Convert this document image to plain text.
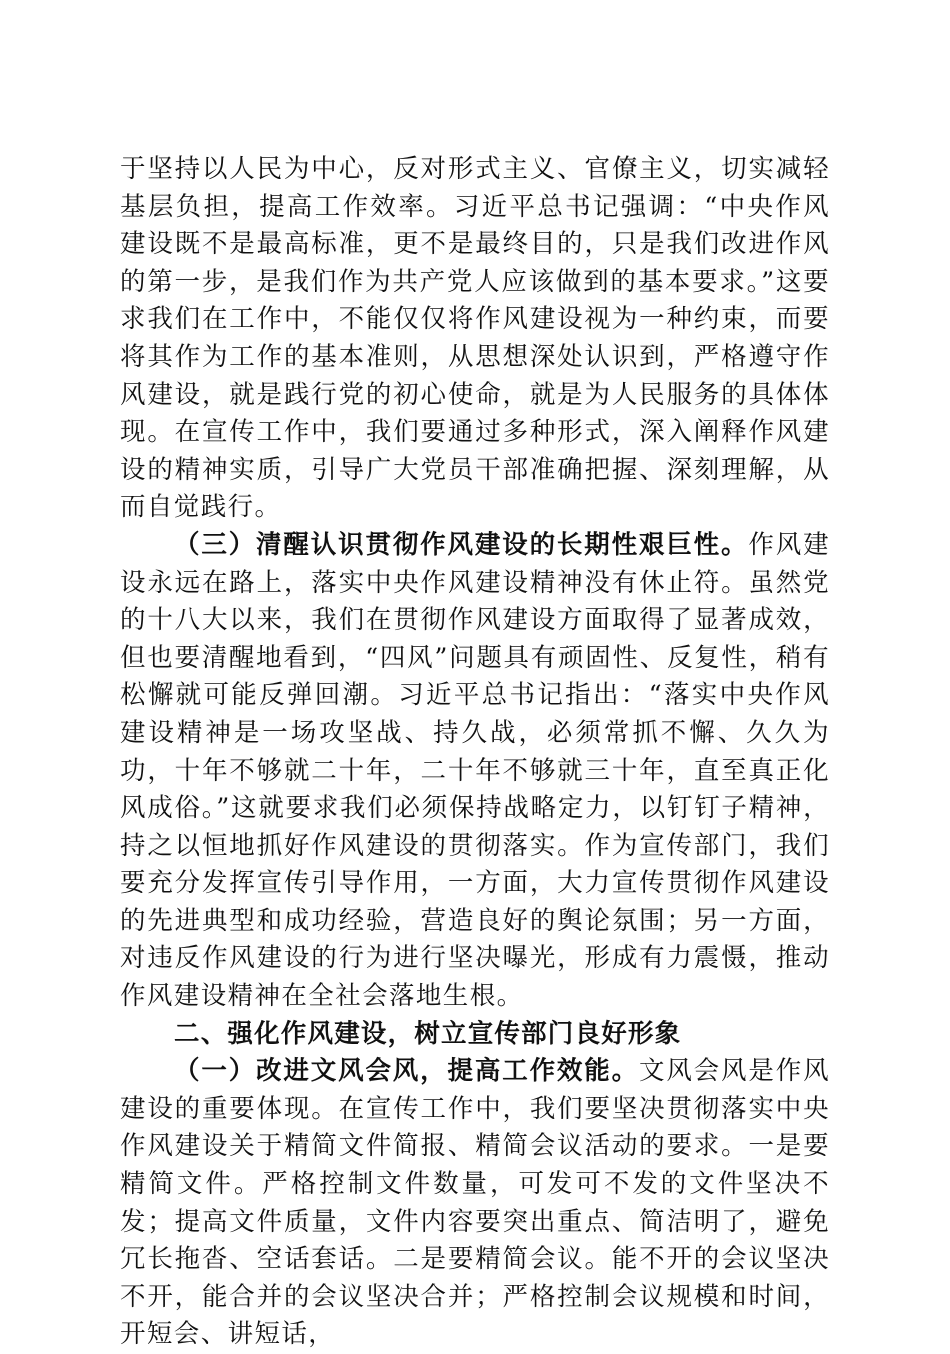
于坚持以人民为中心，反对形式主义、官僚主义，切实减轻基层负担，提高工作效率。习近平总书记强调：“中央作风建设既不是最高标准，更不是最终目的，只是我们改进作风的第一步，是我们作为共产党人应该做到的基本要求。”这要求我们在工作中，不能仅仅将作风建设视为一种约束，而要将其作为工作的基本准则，从思想深处认识到，严格遵守作风建设，就是践行党的初心使命，就是为人民服务的具体体现。在宣传工作中，我们要通过多种形式，深入阐释作风建设的精神实质，引导广大党员干部准确把握、深刻理解，从而自觉践行。

（三）清醒认识贯彻作风建设的长期性艰巨性。作风建设永远在路上，落实中央作风建设精神没有休止符。虽然党的十八大以来，我们在贯彻作风建设方面取得了显著成效，但也要清醒地看到，“四风”问题具有顽固性、反复性，稍有松懈就可能反弹回潮。习近平总书记指出：“落实中央作风建设精神是一场攻坚战、持久战，必须常抓不懈、久久为功，十年不够就二十年，二十年不够就三十年，直至真正化风成俗。”这就要求我们必须保持战略定力，以钉钉子精神，持之以恒地抓好作风建设的贯彻落实。作为宣传部门，我们要充分发挥宣传引导作用，一方面，大力宣传贯彻作风建设的先进典型和成功经验，营造良好的舆论氛围；另一方面，对违反作风建设的行为进行坚决曝光，形成有力震慑，推动作风建设精神在全社会落地生根。

二、强化作风建设，树立宣传部门良好形象

（一）改进文风会风，提高工作效能。文风会风是作风建设的重要体现。在宣传工作中，我们要坚决贯彻落实中央作风建设关于精简文件简报、精简会议活动的要求。一是要精简文件。严格控制文件数量，可发可不发的文件坚决不发；提高文件质量，文件内容要突出重点、简洁明了，避免冗长拖沓、空话套话。二是要精简会议。能不开的会议坚决不开，能合并的会议坚决合并；严格控制会议规模和时间，开短会、讲短话，
